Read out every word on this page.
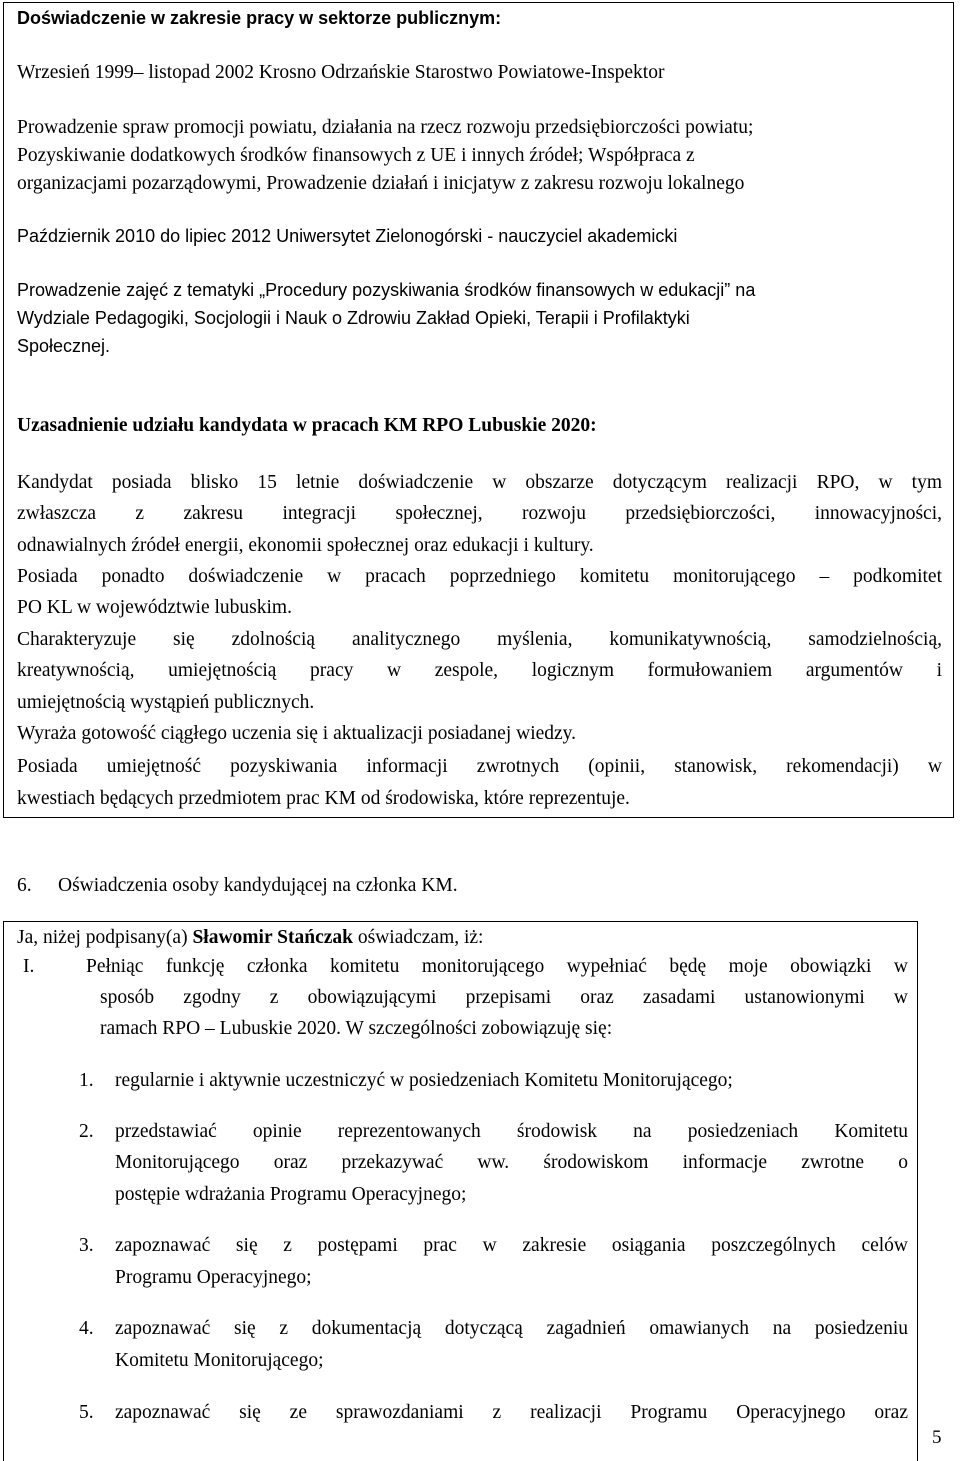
Doświadczenie w zakresie pracy w sektorze publicznym:

Wrzesień 1999– listopad 2002 Krosno Odrzańskie Starostwo Powiatowe-Inspektor

Prowadzenie spraw promocji powiatu, działania na rzecz rozwoju przedsiębiorczości powiatu;

Pozyskiwanie dodatkowych środków finansowych z UE i innych źródeł; Współpraca z

organizacjami pozarządowymi, Prowadzenie działań i inicjatyw z zakresu rozwoju lokalnego

Październik 2010 do lipiec 2012 Uniwersytet Zielonogórski - nauczyciel akademicki

Prowadzenie zajęć z tematyki „Procedury pozyskiwania środków finansowych w edukacji” na

Wydziale Pedagogiki, Socjologii i Nauk o Zdrowiu Zakład Opieki, Terapii i Profilaktyki

Społecznej.

Uzasadnienie udziału kandydata w pracach KM RPO Lubuskie 2020:

Kandydat posiada blisko 15 letnie doświadczenie w obszarze dotyczącym realizacji RPO, w tym

zwłaszcza z zakresu integracji społecznej, rozwoju przedsiębiorczości, innowacyjności,

odnawialnych źródeł energii, ekonomii społecznej oraz edukacji i kultury.

Posiada ponadto doświadczenie w pracach poprzedniego komitetu monitorującego – podkomitet

PO KL w województwie lubuskim.

Charakteryzuje się zdolnością analitycznego myślenia, komunikatywnością, samodzielnością,

kreatywnością, umiejętnością pracy w zespole, logicznym formułowaniem argumentów i

umiejętnością wystąpień publicznych.

Wyraża gotowość ciągłego uczenia się i aktualizacji posiadanej wiedzy.

Posiada umiejętność pozyskiwania informacji zwrotnych (opinii, stanowisk, rekomendacji) w

kwestiach będących przedmiotem prac KM od środowiska, które reprezentuje.

6. Oświadczenia osoby kandydującej na członka KM.

Ja, niżej podpisany(a) Sławomir Stańczak oświadczam, iż:

I.	Pełniąc funkcję członka komitetu monitorującego wypełniać będę moje obowiązki w

sposób zgodny z obowiązującymi przepisami oraz zasadami ustanowionymi w

ramach RPO – Lubuskie 2020. W szczególności zobowiązuję się:

1. regularnie i aktywnie uczestniczyć w posiedzeniach Komitetu Monitorującego;

2. przedstawiać opinie reprezentowanych środowisk na posiedzeniach Komitetu

Monitorującego oraz przekazywać ww. środowiskom informacje zwrotne o

postępie wdrażania Programu Operacyjnego;

3. zapoznawać się z postępami prac w zakresie osiągania poszczególnych celów

Programu Operacyjnego;

4. zapoznawać się z dokumentacją dotyczącą zagadnień omawianych na posiedzeniu

Komitetu Monitorującego;

5. zapoznawać się ze sprawozdaniami z realizacji Programu Operacyjnego oraz

5
